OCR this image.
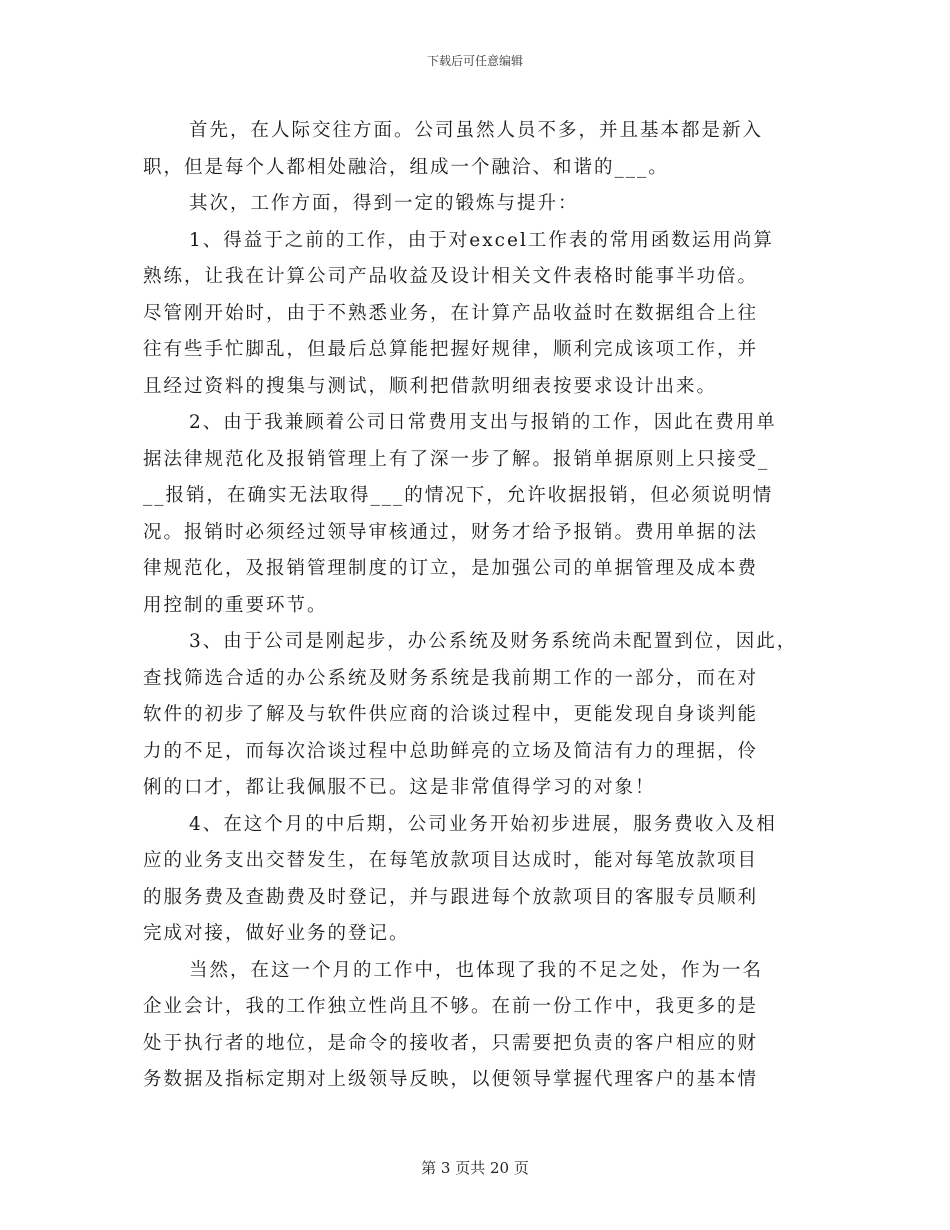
下载后可任意编辑
首先，在人际交往方面。公司虽然人员不多，并且基本都是新入
职，但是每个人都相处融洽，组成一个融洽、和谐的___。
其次，工作方面，得到一定的锻炼与提升：
1、得益于之前的工作，由于对excel工作表的常用函数运用尚算
熟练，让我在计算公司产品收益及设计相关文件表格时能事半功倍。
尽管刚开始时，由于不熟悉业务，在计算产品收益时在数据组合上往
往有些手忙脚乱，但最后总算能把握好规律，顺利完成该项工作，并
且经过资料的搜集与测试，顺利把借款明细表按要求设计出来。
2、由于我兼顾着公司日常费用支出与报销的工作，因此在费用单
据法律规范化及报销管理上有了深一步了解。报销单据原则上只接受_
__报销，在确实无法取得___的情况下，允许收据报销，但必须说明情
况。报销时必须经过领导审核通过，财务才给予报销。费用单据的法
律规范化，及报销管理制度的订立，是加强公司的单据管理及成本费
用控制的重要环节。
3、由于公司是刚起步，办公系统及财务系统尚未配置到位，因此，
查找筛选合适的办公系统及财务系统是我前期工作的一部分，而在对
软件的初步了解及与软件供应商的洽谈过程中，更能发现自身谈判能
力的不足，而每次洽谈过程中总助鲜亮的立场及简洁有力的理据，伶
俐的口才，都让我佩服不已。这是非常值得学习的对象！
4、在这个月的中后期，公司业务开始初步进展，服务费收入及相
应的业务支出交替发生，在每笔放款项目达成时，能对每笔放款项目
的服务费及查勘费及时登记，并与跟进每个放款项目的客服专员顺利
完成对接，做好业务的登记。
当然，在这一个月的工作中，也体现了我的不足之处，作为一名
企业会计，我的工作独立性尚且不够。在前一份工作中，我更多的是
处于执行者的地位，是命令的接收者，只需要把负责的客户相应的财
务数据及指标定期对上级领导反映，以便领导掌握代理客户的基本情
第 3 页共 20 页
